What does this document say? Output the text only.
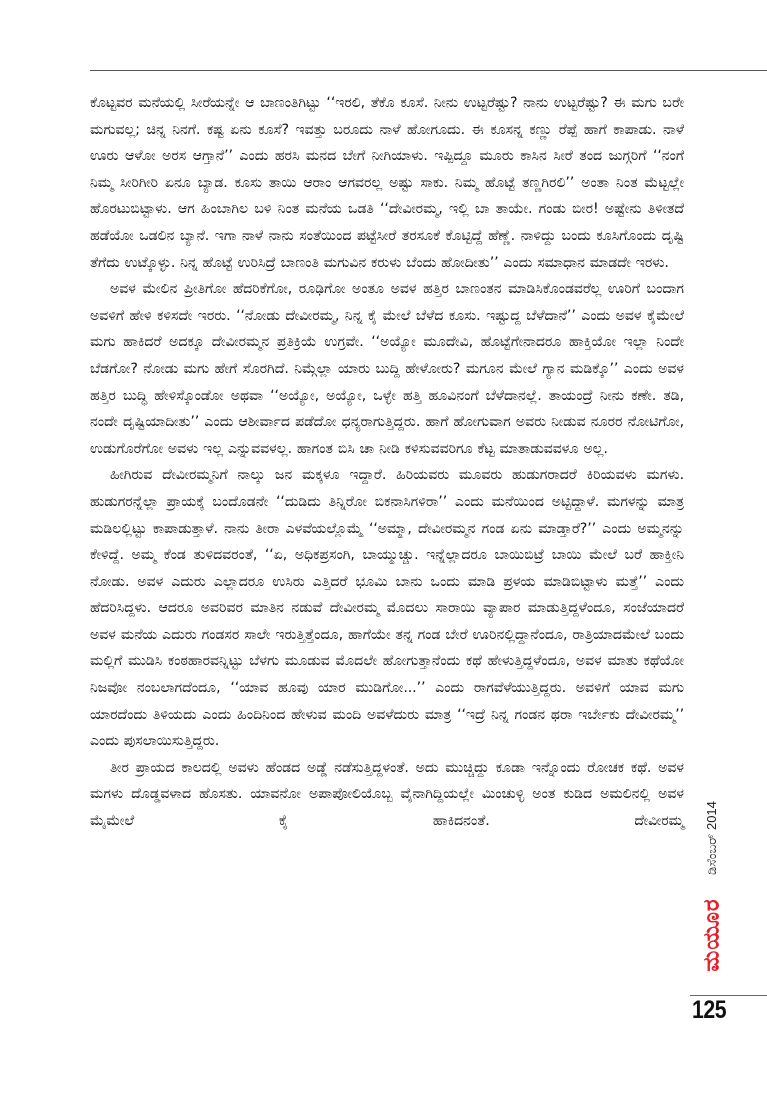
ಕೊಟ್ಟವರ ಮನೆಯಲ್ಲಿ ಸೀರೆಯನ್ನೇ ಆ ಬಾಣಂತಿಗಿಟ್ಟು ‘‘ಇರಲಿ, ತೆಕೊ ಕೂಸೆ. ನೀನು ಉಟ್ಟರೆಷ್ಟು? ನಾನು ಉಟ್ಟರೆಷ್ಟು? ಈ ಮಗು ಬರೇ ಮಗುವಲ್ಲ; ಚಿನ್ನ ನಿನಗೆ. ಕಷ್ಟ ಏನು ಕೂಸೆ? ಇವತ್ತು ಬರೂದು ನಾಳೆ ಹೋಗೂದು. ಈ ಕೂಸನ್ನ ಕಣ್ಣು ರೆಪ್ಪೆ ಹಾಗೆ ಕಾಪಾಡು. ನಾಳೆ ಊರು ಆಳೋ ಅರಸ ಆಗ್ತಾನೆ’’ ಎಂದು ಹರಸಿ ಮನದ ಬೇಗೆ ನೀಗಿಯಾಳು. ಇಪ್ಪಿದ್ದೂ ಮೂರು ಕಾಸಿನ ಸೀರೆ ತಂದ ಜುಗ್ಗರಿಗೆ ‘‘ನಂಗೆ ನಿಮ್ಮ ಸೀರಿಗೀರಿ ಏನೂ ಬ್ಯಾಡ. ಕೂಸು ತಾಯಿ ಆರಾಂ ಆಗವರಲ್ಲ ಅಷ್ಟು ಸಾಕು. ನಿಮ್ಮ ಹೊಟ್ಟೆ ತಣ್ಣಗಿರಲಿ’’ ಅಂತಾ ನಿಂತ ಮೆಟ್ಟಲ್ಲೇ ಹೊರಟುಬಿಟ್ಟಾಳು. ಆಗ ಹಿಂಬಾಗಿಲ ಬಳಿ ನಿಂತ ಮನೆಯ ಒಡತಿ ‘‘ದೇವೀರಮ್ಮ, ಇಲ್ಲಿ ಬಾ ತಾಯೇ. ಗಂಡು ಬೀರ! ಅಷ್ಟೇನು ತಿಳೀತದೆ ಹಡೆಯೋ ಒಡಲಿನ ಬ್ಯಾನೆ. ಇಗಾ ನಾಳೆ ನಾನು ಸಂತೆಯಿಂದ ಪಟ್ಟೆಸೀರೆ ತರಸೂಕೆ ಕೊಟ್ಟಿದ್ದೆ ಹೆಣ್ಣೆ. ನಾಳಿದ್ದು ಬಂದು ಕೂಸಿಗೊಂದು ದೃಷ್ಟಿ ತೆಗೆದು ಉಟ್ಕೊಳ್ಳು. ನಿನ್ನ ಹೊಟ್ಟೆ ಉರಿಸಿದ್ರೆ ಬಾಣಂತಿ ಮಗುವಿನ ಕರುಳು ಬೆಂದು ಹೋದೀತು’’ ಎಂದು ಸಮಾಧಾನ ಮಾಡದೇ ಇರಳು.

ಅವಳ ಮೇಲಿನ ಪ್ರೀತಿಗೋ ಹೆದರಿಕೆಗೋ, ರೂಢಿಗೋ ಅಂತೂ ಅವಳ ಹತ್ತಿರ ಬಾಣಂತನ ಮಾಡಿಸಿಕೊಂಡವರೆಲ್ಲ ಊರಿಗೆ ಬಂದಾಗ ಅವಳಿಗೆ ಹೇಳಿ ಕಳಿಸದೇ ಇರರು. ‘‘ನೋಡು ದೇವೀರಮ್ಮ, ನಿನ್ನ ಕೈ ಮೇಲೆ ಬೆಳೆದ ಕೂಸು. ಇಷ್ಟುದ್ದ ಬೆಳೆದಾನೆ’’ ಎಂದು ಅವಳ ಕೈಮೇಲೆ ಮಗು ಹಾಕಿದರೆ ಅದಕ್ಕೂ ದೇವೀರಮ್ಮನ ಪ್ರತಿಕ್ರಿಯೆ ಉಗ್ರವೇ. ‘‘ಅಯ್ಯೋ ಮೂದೇವಿ, ಹೊಟ್ಟೆಗೇನಾದರೂ ಹಾಕ್ತಿಯೋ ಇಲ್ಲಾ ನಿಂದೇ ಬೆಡಗೋ? ನೋಡು ಮಗು ಹೇಗೆ ಸೊರಗಿದೆ. ನಿಮ್ಗೆಲ್ಲಾ ಯಾರು ಬುದ್ದಿ ಹೇಳೋರು? ಮಗೂನ ಮೇಲೆ ಗ್ಯಾನ ಮಡಿಕ್ಕೊ’’ ಎಂದು ಅವಳ ಹತ್ತಿರ ಬುದ್ಧಿ ಹೇಳಿಸ್ಕೊಂಡೋ ಅಥವಾ ‘‘ಅಯ್ಯೋ, ಅಯ್ಯೋ, ಒಳ್ಳೇ ಹತ್ತಿ ಹೂವಿನಂಗೆ ಬೆಳೆದಾನಲ್ಲೆ. ತಾಯಂದ್ರೆ ನೀನು ಕಣೇ. ತಡಿ, ನಂದೇ ದೃಷ್ಟಿಯಾದೀತು’’ ಎಂದು ಆಶೀರ್ವಾದ ಪಡೆದೋ ಧನ್ಯರಾಗುತ್ತಿದ್ದರು. ಹಾಗೆ ಹೋಗುವಾಗ ಅವರು ನೀಡುವ ನೂರರ ನೋಟಿಗೋ, ಉಡುಗೊರೆಗೋ ಅವಳು ಇಲ್ಲ ಎನ್ನುವವಳಲ್ಲ. ಹಾಗಂತ ಬಿಸಿ ಚಾ ನೀಡಿ ಕಳಿಸುವವರಿಗೂ ಕೆಟ್ಟ ಮಾತಾಡುವವಳೂ ಅಲ್ಲ.

ಹೀಗಿರುವ ದೇವೀರಮ್ಮನಿಗೆ ನಾಲ್ಕು ಜನ ಮಕ್ಕಳೂ ಇದ್ದಾರೆ. ಹಿರಿಯವರು ಮೂವರು ಹುಡುಗರಾದರೆ ಕಿರಿಯವಳು ಮಗಳು. ಹುಡುಗರನ್ನೆಲ್ಲಾ ಪ್ರಾಯಕ್ಕೆ ಬಂದೊಡನೇ ‘‘ದುಡಿದು ತಿನ್ನಿರೋ ಬಿಕನಾಸಿಗಳಿರಾ’’ ಎಂದು ಮನೆಯಿಂದ ಅಟ್ಟಿದ್ದಾಳೆ. ಮಗಳನ್ನು ಮಾತ್ರ ಮಡಿಲಲ್ಲಿಟ್ಟು ಕಾಪಾಡುತ್ತಾಳೆ. ನಾನು ತೀರಾ ಎಳವೆಯಲ್ಲೊಮ್ಮೆ ‘‘ಅಮ್ಮಾ, ದೇವೀರಮ್ಮನ ಗಂಡ ಏನು ಮಾಡ್ತಾರೆ?’’ ಎಂದು ಅಮ್ಮನನ್ನು ಕೇಳಿದ್ದೆ. ಅಮ್ಮ ಕೆಂಡ ತುಳಿದವರಂತೆ, ‘‘ಏ, ಅಧಿಕಪ್ರಸಂಗಿ, ಬಾಯ್ಮುಚ್ಚು. ಇನ್ನೆಲ್ಲಾದರೂ ಬಾಯಿಬಿಟ್ರೆ ಬಾಯಿ ಮೇಲೆ ಬರೆ ಹಾಕ್ತೀನಿ ನೋಡು. ಅವಳ ಎದುರು ಎಲ್ಲಾದರೂ ಉಸಿರು ಎತ್ತಿದರೆ ಭೂಮಿ ಬಾನು ಒಂದು ಮಾಡಿ ಪ್ರಳಯ ಮಾಡಿಬಿಟ್ಟಾಳು ಮತ್ತೆ’’ ಎಂದು ಹೆದರಿಸಿದ್ದಳು. ಆದರೂ ಅವರಿವರ ಮಾತಿನ ನಡುವೆ ದೇವೀರಮ್ಮ ಮೊದಲು ಸಾರಾಯಿ ವ್ಯಾಪಾರ ಮಾಡುತ್ತಿದ್ದಳೆಂದೂ, ಸಂಜೆಯಾದರೆ ಅವಳ ಮನೆಯ ಎದುರು ಗಂಡಸರ ಸಾಲೇ ಇರುತ್ತಿತ್ತೆಂದೂ, ಹಾಗೆಯೇ ತನ್ನ ಗಂಡ ಬೇರೆ ಊರಿನಲ್ಲಿದ್ದಾನೆಂದೂ, ರಾತ್ರಿಯಾದಮೇಲೆ ಬಂದು ಮಲ್ಲಿಗೆ ಮುಡಿಸಿ ಕಂಠಹಾರವನ್ನಿಟ್ಟು ಬೆಳಗು ಮೂಡುವ ಮೊದಲೇ ಹೋಗುತ್ತಾನೆಂದು ಕಥೆ ಹೇಳುತ್ತಿದ್ದಳೆಂದೂ, ಅವಳ ಮಾತು ಕಥೆಯೋ ನಿಜವೋ ನಂಬಲಾಗದೆಂದೂ, ‘‘ಯಾವ ಹೂವು ಯಾರ ಮುಡಿಗೋ...’’ ಎಂದು ರಾಗವೆಳೆಯುತ್ತಿದ್ದರು. ಅವಳಿಗೆ ಯಾವ ಮಗು ಯಾರದೆಂದು ತಿಳಿಯದು ಎಂದು ಹಿಂದಿನಿಂದ ಹೇಳುವ ಮಂದಿ ಅವಳೆದುರು ಮಾತ್ರ ‘‘ಇದ್ರೆ ನಿನ್ನ ಗಂಡನ ಥರಾ ಇರ್ಬೇಕು ದೇವೀರಮ್ಮ’’ ಎಂದು ಪುಸಲಾಯಿಸುತ್ತಿದ್ದರು.

ತೀರ ಪ್ರಾಯದ ಕಾಲದಲ್ಲಿ ಅವಳು ಹೆಂಡದ ಅಡ್ಡೆ ನಡೆಸುತ್ತಿದ್ದಳಂತೆ. ಅದು ಮುಚ್ಚಿದ್ದು ಕೂಡಾ ಇನ್ನೊಂದು ರೋಚಕ ಕಥೆ. ಅವಳ ಮಗಳು ದೊಡ್ಡವಳಾದ ಹೊಸತು. ಯಾವನೋ ಅಪಾಪೋಲಿಯೊಬ್ಬ ವೈನಾಗಿದ್ದಿಯಲ್ಲೇ ಮಿಂಚುಳ್ಳಿ ಅಂತ ಕುಡಿದ ಅಮಲಿನಲ್ಲಿ ಅವಳ ಮೈಮೇಲೆ ಕೈ ಹಾಕಿದನಂತೆ. ದೇವೀರಮ್ಮ ಡಿಸೆಂಬರ್ 2014
ಮಯೂರ
125
